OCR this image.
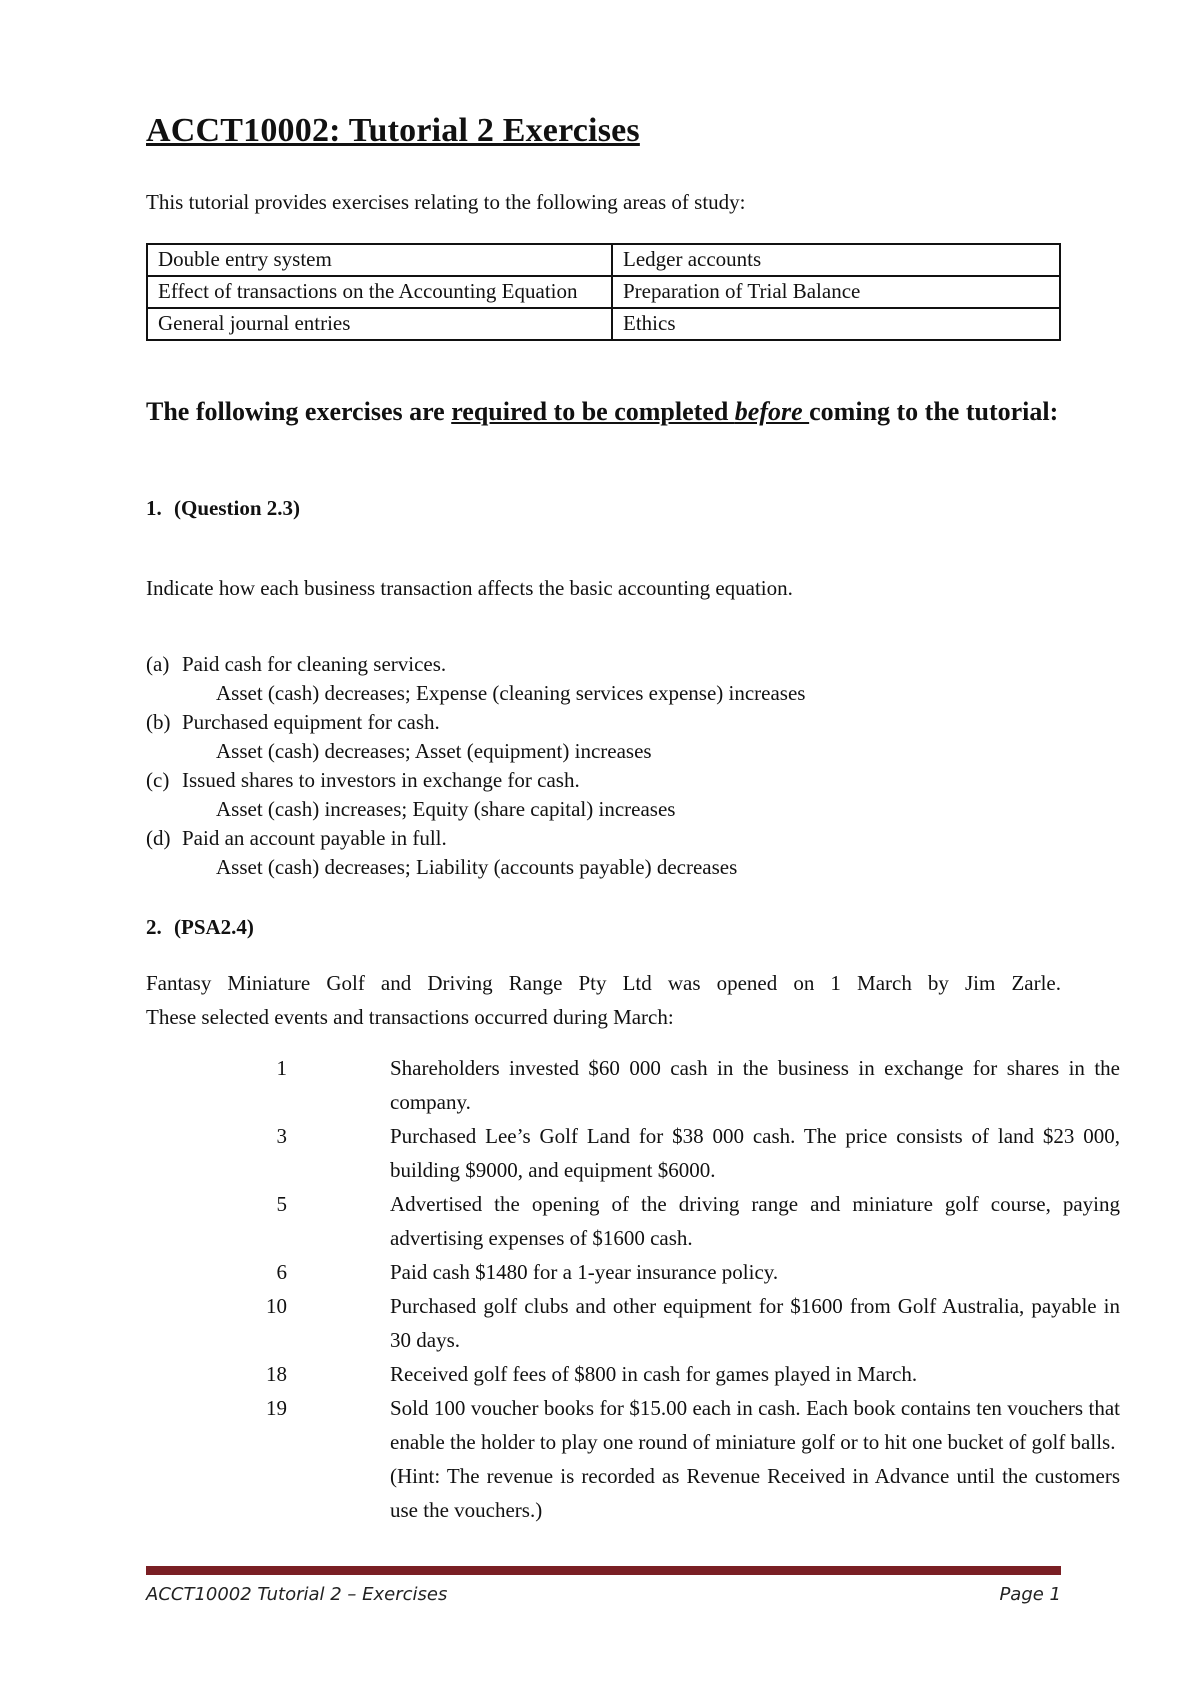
ACCT10002: Tutorial 2 Exercises
This tutorial provides exercises relating to the following areas of study:
Double entry system	Ledger accounts
Effect of transactions on the Accounting Equation	Preparation of Trial Balance
General journal entries	Ethics
The following exercises are required to be completed before coming to the tutorial:
1. (Question 2.3)
Indicate how each business transaction affects the basic accounting equation.
(a) Paid cash for cleaning services.
Asset (cash) decreases; Expense (cleaning services expense) increases
(b) Purchased equipment for cash.
Asset (cash) decreases; Asset (equipment) increases
(c) Issued shares to investors in exchange for cash.
Asset (cash) increases; Equity (share capital) increases
(d) Paid an account payable in full.
Asset (cash) decreases; Liability (accounts payable) decreases
2. (PSA2.4)
Fantasy Miniature Golf and Driving Range Pty Ltd was opened on 1 March by Jim Zarle.
These selected events and transactions occurred during March:
1	Shareholders invested $60 000 cash in the business in exchange for shares in the company.
3	Purchased Lee’s Golf Land for $38 000 cash. The price consists of land $23 000, building $9000, and equipment $6000.
5	Advertised the opening of the driving range and miniature golf course, paying advertising expenses of $1600 cash.
6	Paid cash $1480 for a 1-year insurance policy.
10	Purchased golf clubs and other equipment for $1600 from Golf Australia, payable in 30 days.
18	Received golf fees of $800 in cash for games played in March.
19	Sold 100 voucher books for $15.00 each in cash. Each book contains ten vouchers that enable the holder to play one round of miniature golf or to hit one bucket of golf balls.
(Hint: The revenue is recorded as Revenue Received in Advance until the customers use the vouchers.)
ACCT10002 Tutorial 2 – Exercises	Page 1
